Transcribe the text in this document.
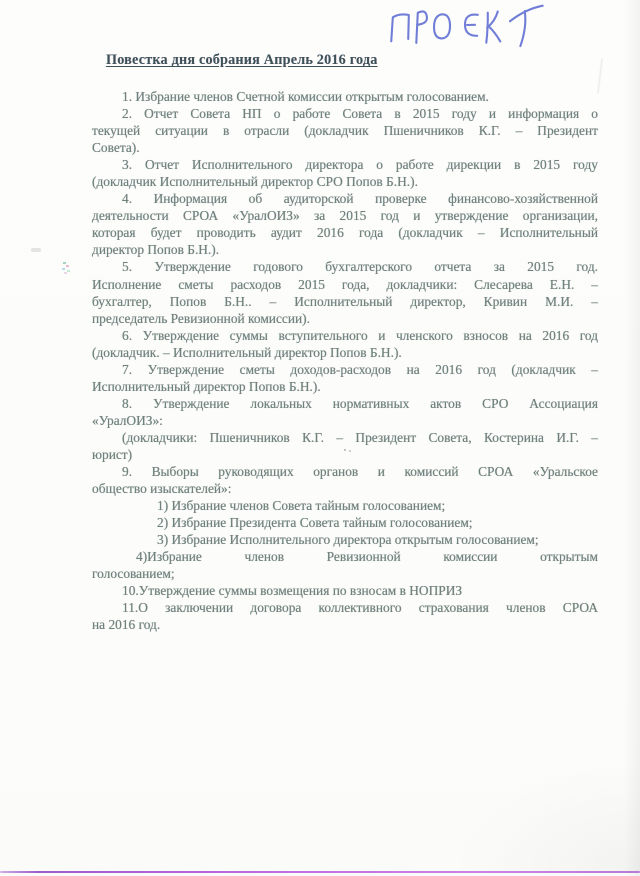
Повестка дня собрания Апрель 2016 года
1. Избрание членов Счетной комиссии открытым голосованием.
2. Отчет Совета НП о работе Совета в 2015 году и информация о
текущей ситуации в отрасли (докладчик Пшеничников К.Г. – Президент
Совета).
3. Отчет Исполнительного директора о работе дирекции в 2015 году
(докладчик Исполнительный директор СРО Попов Б.Н.).
4. Информация об аудиторской проверке финансово-хозяйственной
деятельности СРОА «УралОИЗ» за 2015 год и утверждение организации,
которая будет проводить аудит 2016 года (докладчик – Исполнительный
директор Попов Б.Н.).
5. Утверждение годового бухгалтерского отчета за 2015 год.
Исполнение сметы расходов 2015 года, докладчики: Слесарева Е.Н. –
бухгалтер, Попов Б.Н.. – Исполнительный директор, Кривин М.И. –
председатель Ревизионной комиссии).
6. Утверждение суммы вступительного и членского взносов на 2016 год
(докладчик. – Исполнительный директор Попов Б.Н.).
7. Утверждение сметы доходов-расходов на 2016 год (докладчик –
Исполнительный директор Попов Б.Н.).
8. Утверждение локальных нормативных актов СРО Ассоциация
«УралОИЗ»:
(докладчики: Пшеничников К.Г. – Президент Совета, Костерина И.Г. –
юрист)
9. Выборы руководящих органов и комиссий СРОА «Уральское
общество изыскателей»:
1) Избрание членов Совета тайным голосованием;
2) Избрание Президента Совета тайным голосованием;
3) Избрание Исполнительного директора открытым голосованием;
4)Избрание членов Ревизионной комиссии открытым
голосованием;
10.Утверждение суммы возмещения по взносам в НОПРИЗ
11.О заключении договора коллективного страхования членов СРОА
на 2016 год.
